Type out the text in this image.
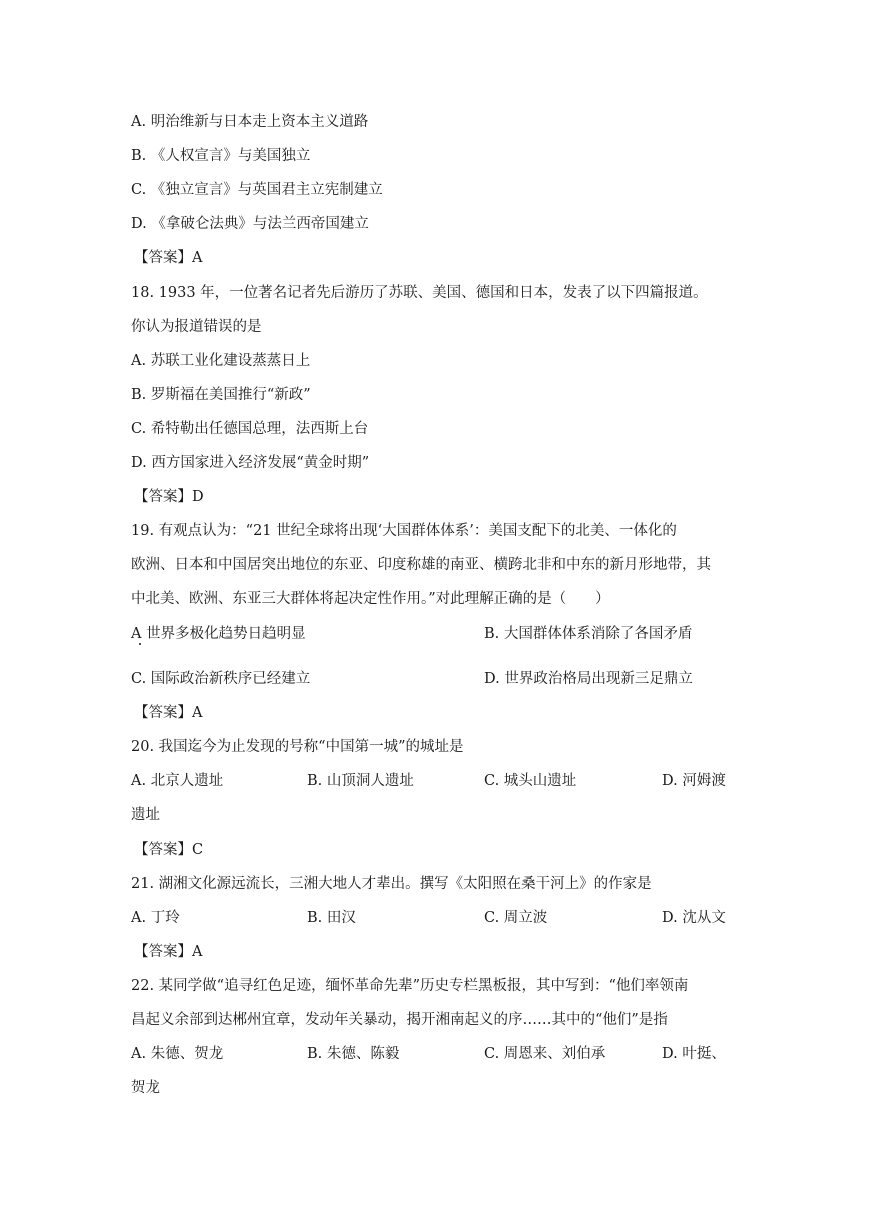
A. 明治维新与日本走上资本主义道路
B. 《人权宣言》与美国独立
C. 《独立宣言》与英国君主立宪制建立
D. 《拿破仑法典》与法兰西帝国建立
【答案】A
18. 1933 年，一位著名记者先后游历了苏联、美国、德国和日本，发表了以下四篇报道。
你认为报道错误的是
A. 苏联工业化建设蒸蒸日上
B. 罗斯福在美国推行“新政”
C. 希特勒出任德国总理，法西斯上台
D. 西方国家进入经济发展“黄金时期”
【答案】D
19. 有观点认为：“21 世纪全球将出现‘大国群体体系’：美国支配下的北美、一体化的
欧洲、日本和中国居突出地位的东亚、印度称雄的南亚、横跨北非和中东的新月形地带，其
中北美、欧洲、东亚三大群体将起决定性作用。”对此理解正确的是（　　）
A 世界多极化趋势日趋明显	B. 大国群体体系消除了各国矛盾
C. 国际政治新秩序已经建立	D. 世界政治格局出现新三足鼎立
【答案】A
20. 我国迄今为止发现的号称“中国第一城”的城址是
A. 北京人遗址	B. 山顶洞人遗址	C. 城头山遗址	D. 河姆渡
遗址
【答案】C
21. 湖湘文化源远流长，三湘大地人才辈出。撰写《太阳照在桑干河上》的作家是
A. 丁玲	B. 田汉	C. 周立波	D. 沈从文
【答案】A
22. 某同学做“追寻红色足迹，缅怀革命先辈”历史专栏黑板报，其中写到：“他们率领南
昌起义余部到达郴州宜章，发动年关暴动，揭开湘南起义的序……其中的“他们”是指
A. 朱德、贺龙	B. 朱德、陈毅	C. 周恩来、刘伯承	D. 叶挺、
贺龙
